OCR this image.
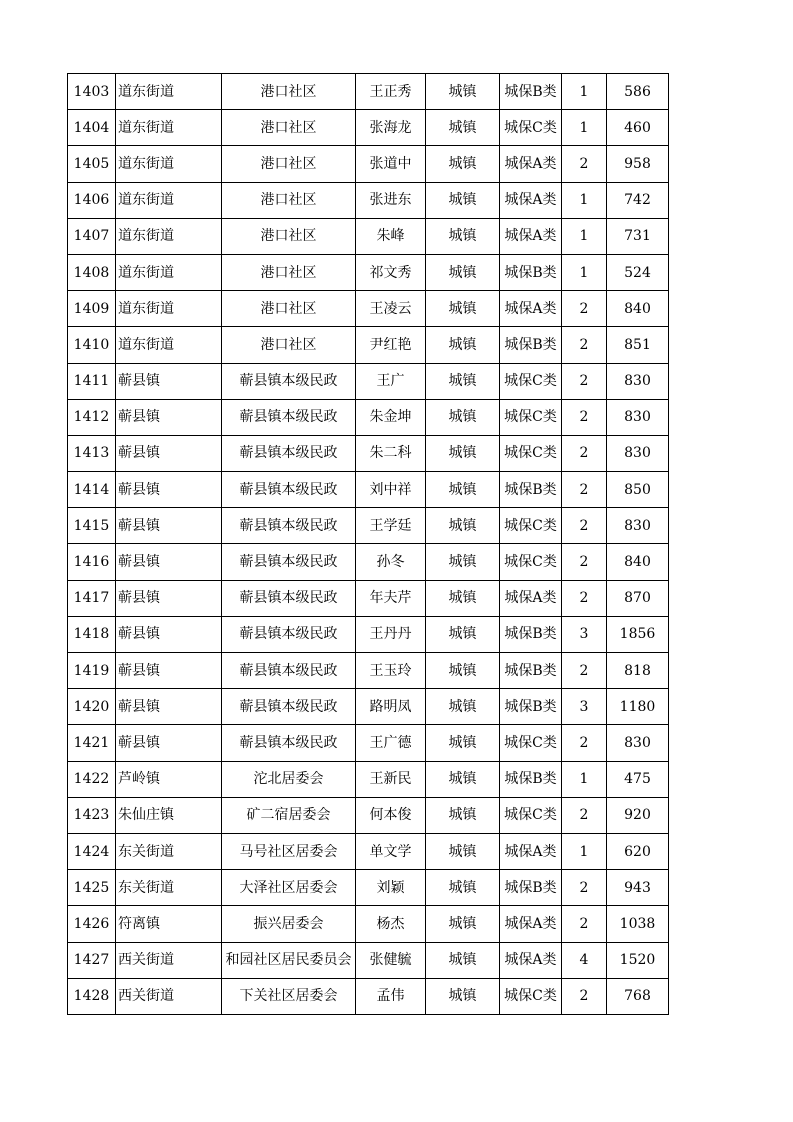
1403	道东街道	港口社区	王正秀	城镇	城保B类	1	586
1404	道东街道	港口社区	张海龙	城镇	城保C类	1	460
1405	道东街道	港口社区	张道中	城镇	城保A类	2	958
1406	道东街道	港口社区	张进东	城镇	城保A类	1	742
1407	道东街道	港口社区	朱峰	城镇	城保A类	1	731
1408	道东街道	港口社区	祁文秀	城镇	城保B类	1	524
1409	道东街道	港口社区	王凌云	城镇	城保A类	2	840
1410	道东街道	港口社区	尹红艳	城镇	城保B类	2	851
1411	蕲县镇	蕲县镇本级民政	王广	城镇	城保C类	2	830
1412	蕲县镇	蕲县镇本级民政	朱金坤	城镇	城保C类	2	830
1413	蕲县镇	蕲县镇本级民政	朱二科	城镇	城保C类	2	830
1414	蕲县镇	蕲县镇本级民政	刘中祥	城镇	城保B类	2	850
1415	蕲县镇	蕲县镇本级民政	王学廷	城镇	城保C类	2	830
1416	蕲县镇	蕲县镇本级民政	孙冬	城镇	城保C类	2	840
1417	蕲县镇	蕲县镇本级民政	年夫芹	城镇	城保A类	2	870
1418	蕲县镇	蕲县镇本级民政	王丹丹	城镇	城保B类	3	1856
1419	蕲县镇	蕲县镇本级民政	王玉玲	城镇	城保B类	2	818
1420	蕲县镇	蕲县镇本级民政	路明凤	城镇	城保B类	3	1180
1421	蕲县镇	蕲县镇本级民政	王广德	城镇	城保C类	2	830
1422	芦岭镇	沱北居委会	王新民	城镇	城保B类	1	475
1423	朱仙庄镇	矿二宿居委会	何本俊	城镇	城保C类	2	920
1424	东关街道	马号社区居委会	单文学	城镇	城保A类	1	620
1425	东关街道	大泽社区居委会	刘颖	城镇	城保B类	2	943
1426	符离镇	振兴居委会	杨杰	城镇	城保A类	2	1038
1427	西关街道	和园社区居民委员会	张健毓	城镇	城保A类	4	1520
1428	西关街道	下关社区居委会	孟伟	城镇	城保C类	2	768
